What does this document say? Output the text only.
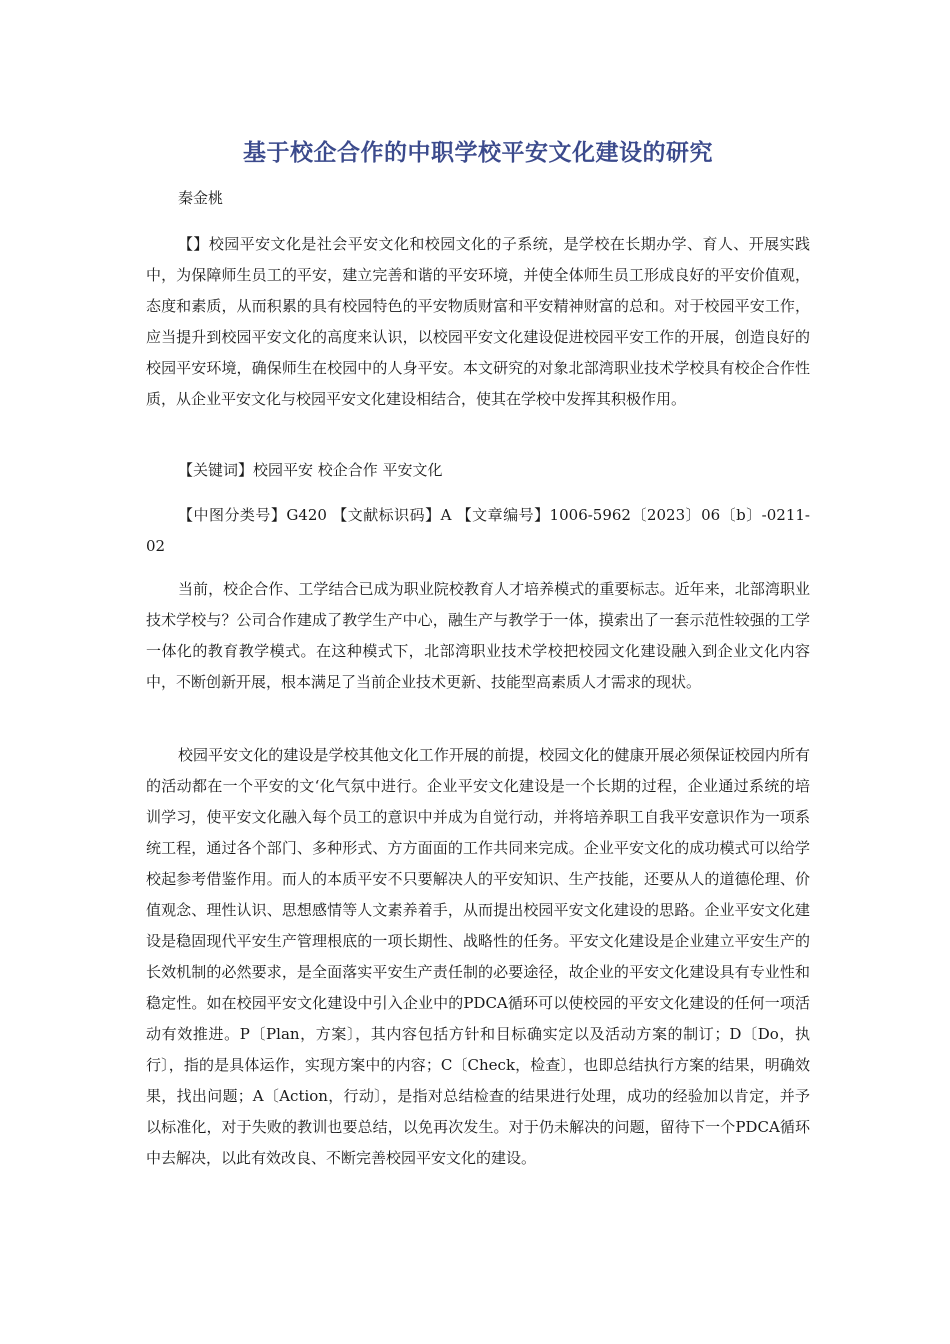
基于校企合作的中职学校平安文化建设的研究
秦金桃

【】校园平安文化是社会平安文化和校园文化的子系统，是学校在长期办学、育人、开展实践中，为保障师生员工的平安，建立完善和谐的平安环境，并使全体师生员工形成良好的平安价值观，态度和素质，从而积累的具有校园特色的平安物质财富和平安精神财富的总和。对于校园平安工作，应当提升到校园平安文化的高度来认识，以校园平安文化建设促进校园平安工作的开展，创造良好的校园平安环境，确保师生在校园中的人身平安。本文研究的对象北部湾职业技术学校具有校企合作性质，从企业平安文化与校园平安文化建设相结合，使其在学校中发挥其积极作用。

【关键词】校园平安 校企合作 平安文化

【中图分类号】G420 【文献标识码】A 【文章编号】1006-5962〔2023〕06〔b〕-0211-02

当前，校企合作、工学结合已成为职业院校教育人才培养模式的重要标志。近年来，北部湾职业技术学校与？公司合作建成了教学生产中心，融生产与教学于一体，摸索出了一套示范性较强的工学一体化的教育教学模式。在这种模式下，北部湾职业技术学校把校园文化建设融入到企业文化内容中，不断创新开展，根本满足了当前企业技术更新、技能型高素质人才需求的现状。

校园平安文化的建设是学校其他文化工作开展的前提，校园文化的健康开展必须保证校园内所有的活动都在一个平安的文‘化气氛中进行。企业平安文化建设是一个长期的过程，企业通过系统的培训学习，使平安文化融入每个员工的意识中并成为自觉行动，并将培养职工自我平安意识作为一项系统工程，通过各个部门、多种形式、方方面面的工作共同来完成。企业平安文化的成功模式可以给学校起参考借鉴作用。而人的本质平安不只要解决人的平安知识、生产技能，还要从人的道德伦理、价值观念、理性认识、思想感情等人文素养着手，从而提出校园平安文化建设的思路。企业平安文化建设是稳固现代平安生产管理根底的一项长期性、战略性的任务。平安文化建设是企业建立平安生产的长效机制的必然要求，是全面落实平安生产责任制的必要途径，故企业的平安文化建设具有专业性和稳定性。如在校园平安文化建设中引入企业中的PDCA循环可以使校园的平安文化建设的任何一项活动有效推进。P〔Plan，方案〕，其内容包括方针和目标确实定以及活动方案的制订；D〔Do，执行〕，指的是具体运作，实现方案中的内容；C〔Check，检查〕，也即总结执行方案的结果，明确效果，找出问题；A〔Action，行动〕，是指对总结检查的结果进行处理，成功的经验加以肯定，并予以标准化，对于失败的教训也要总结，以免再次发生。对于仍未解决的问题，留待下一个PDCA循环中去解决，以此有效改良、不断完善校园平安文化的建设。
